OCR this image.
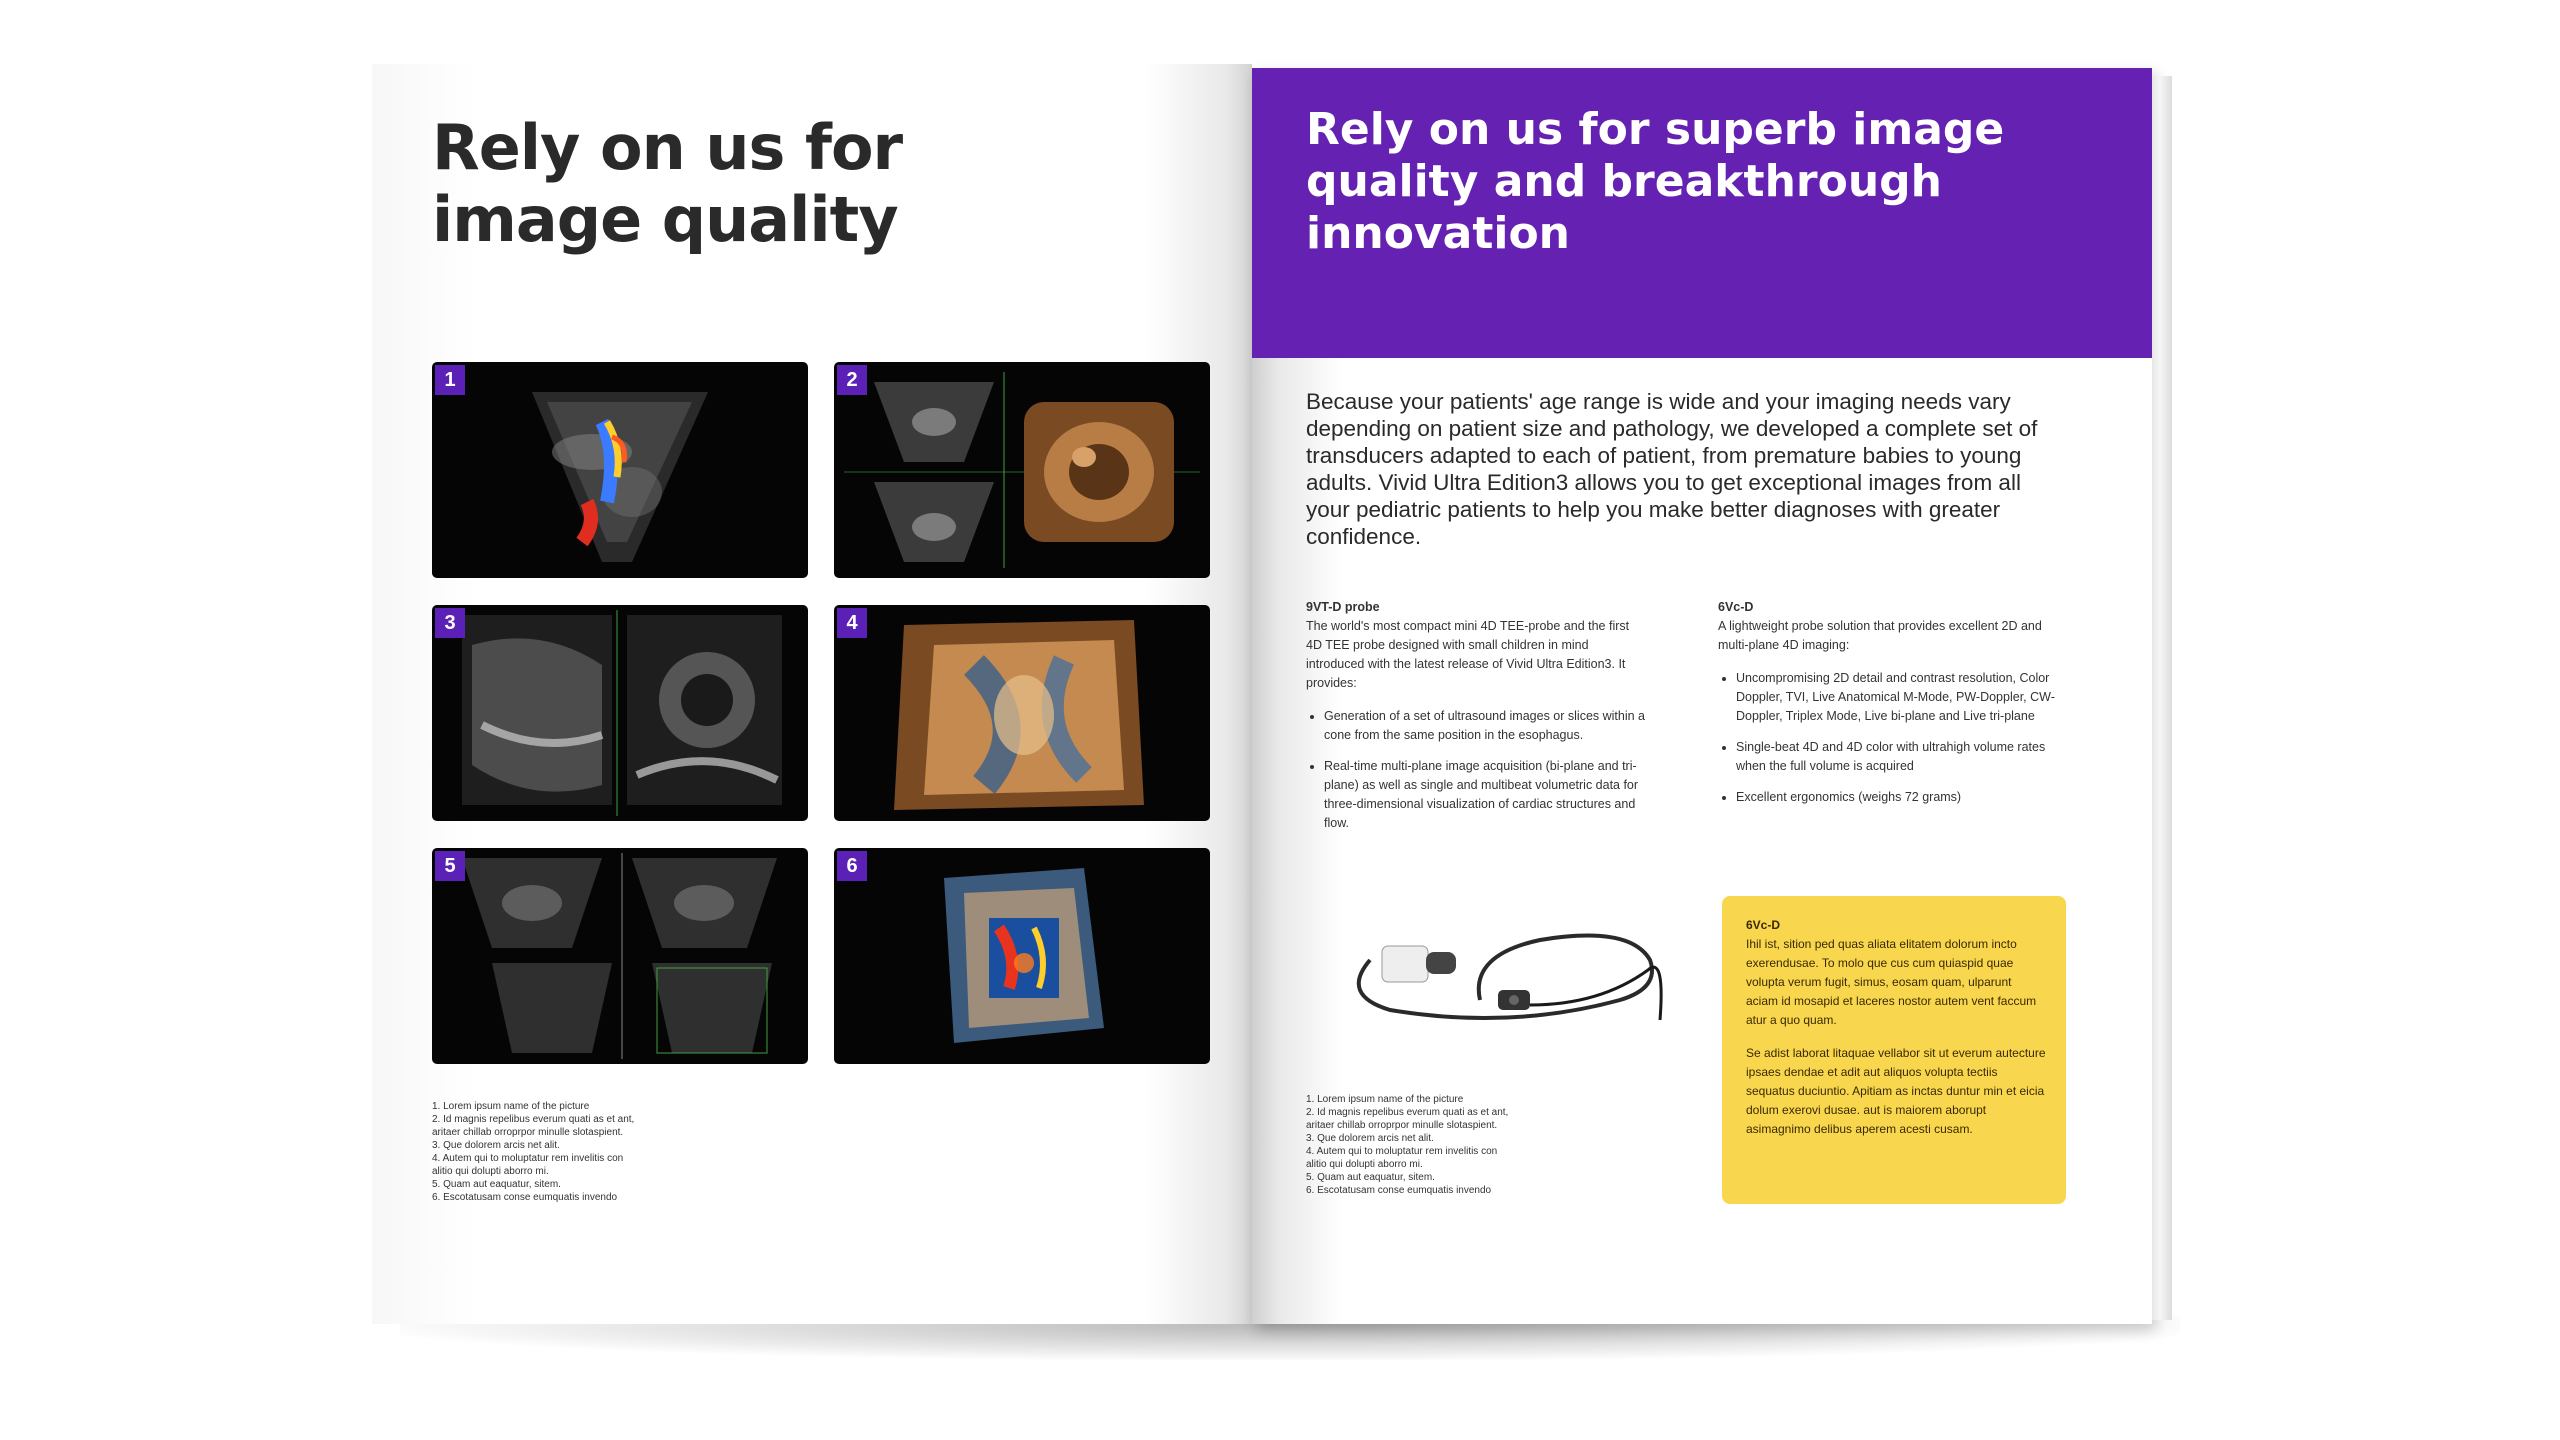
Rely on us for image quality
1	2
3	4
5	6
1. Lorem ipsum name of the picture
2. Id magnis repelibus everum quati as et ant,
aritaer chillab orroprpor minulle slotaspient.
3. Que dolorem arcis net alit.
4. Autem qui to moluptatur rem invelitis con
alitio qui dolupti aborro mi.
5. Quam aut eaquatur, sitem.
6. Escotatusam conse eumquatis invendo
Rely on us for superb image quality and breakthrough innovation

Because your patients' age range is wide and your imaging needs vary depending on patient size and pathology, we developed a complete set of transducers adapted to each of patient, from premature babies to young adults. Vivid Ultra Edition3 allows you to get exceptional images from all your pediatric patients to help you make better diagnoses with greater confidence.

9VT-D probe

The world's most compact mini 4D TEE-probe and the first 4D TEE probe designed with small children in mind introduced with the latest release of Vivid Ultra Edition3. It provides:

• Generation of a set of ultrasound images or slices within a cone from the same position in the esophagus.
• Real-time multi-plane image acquisition (bi-plane and tri-plane) as well as single and multibeat volumetric data for three-dimensional visualization of cardiac structures and flow.
6Vc-D

A lightweight probe solution that provides excellent 2D and multi-plane 4D imaging:

• Uncompromising 2D detail and contrast resolution, Color Doppler, TVI, Live Anatomical M-Mode, PW-Doppler, CW-Doppler, Triplex Mode, Live bi-plane and Live tri-plane
• Single-beat 4D and 4D color with ultrahigh volume rates when the full volume is acquired
• Excellent ergonomics (weighs 72 grams)
1. Lorem ipsum name of the picture
2. Id magnis repelibus everum quati as et ant,
aritaer chillab orroprpor minulle slotaspient.
3. Que dolorem arcis net alit.
4. Autem qui to moluptatur rem invelitis con
alitio qui dolupti aborro mi.
5. Quam aut eaquatur, sitem.
6. Escotatusam conse eumquatis invendo
6Vc-D

Ihil ist, sition ped quas aliata elitatem dolorum incto exerendusae. To molo que cus cum quiaspid quae volupta verum fugit, simus, eosam quam, ulparunt aciam id mosapid et laceres nostor autem vent faccum atur a quo quam.

Se adist laborat litaquae vellabor sit ut everum autecture ipsaes dendae et adit aut aliquos volupta tectiis sequatus duciuntio. Apitiam as inctas duntur min et eicia dolum exerovi dusae. aut is maiorem aborupt asimagnimo delibus aperem acesti cusam.
